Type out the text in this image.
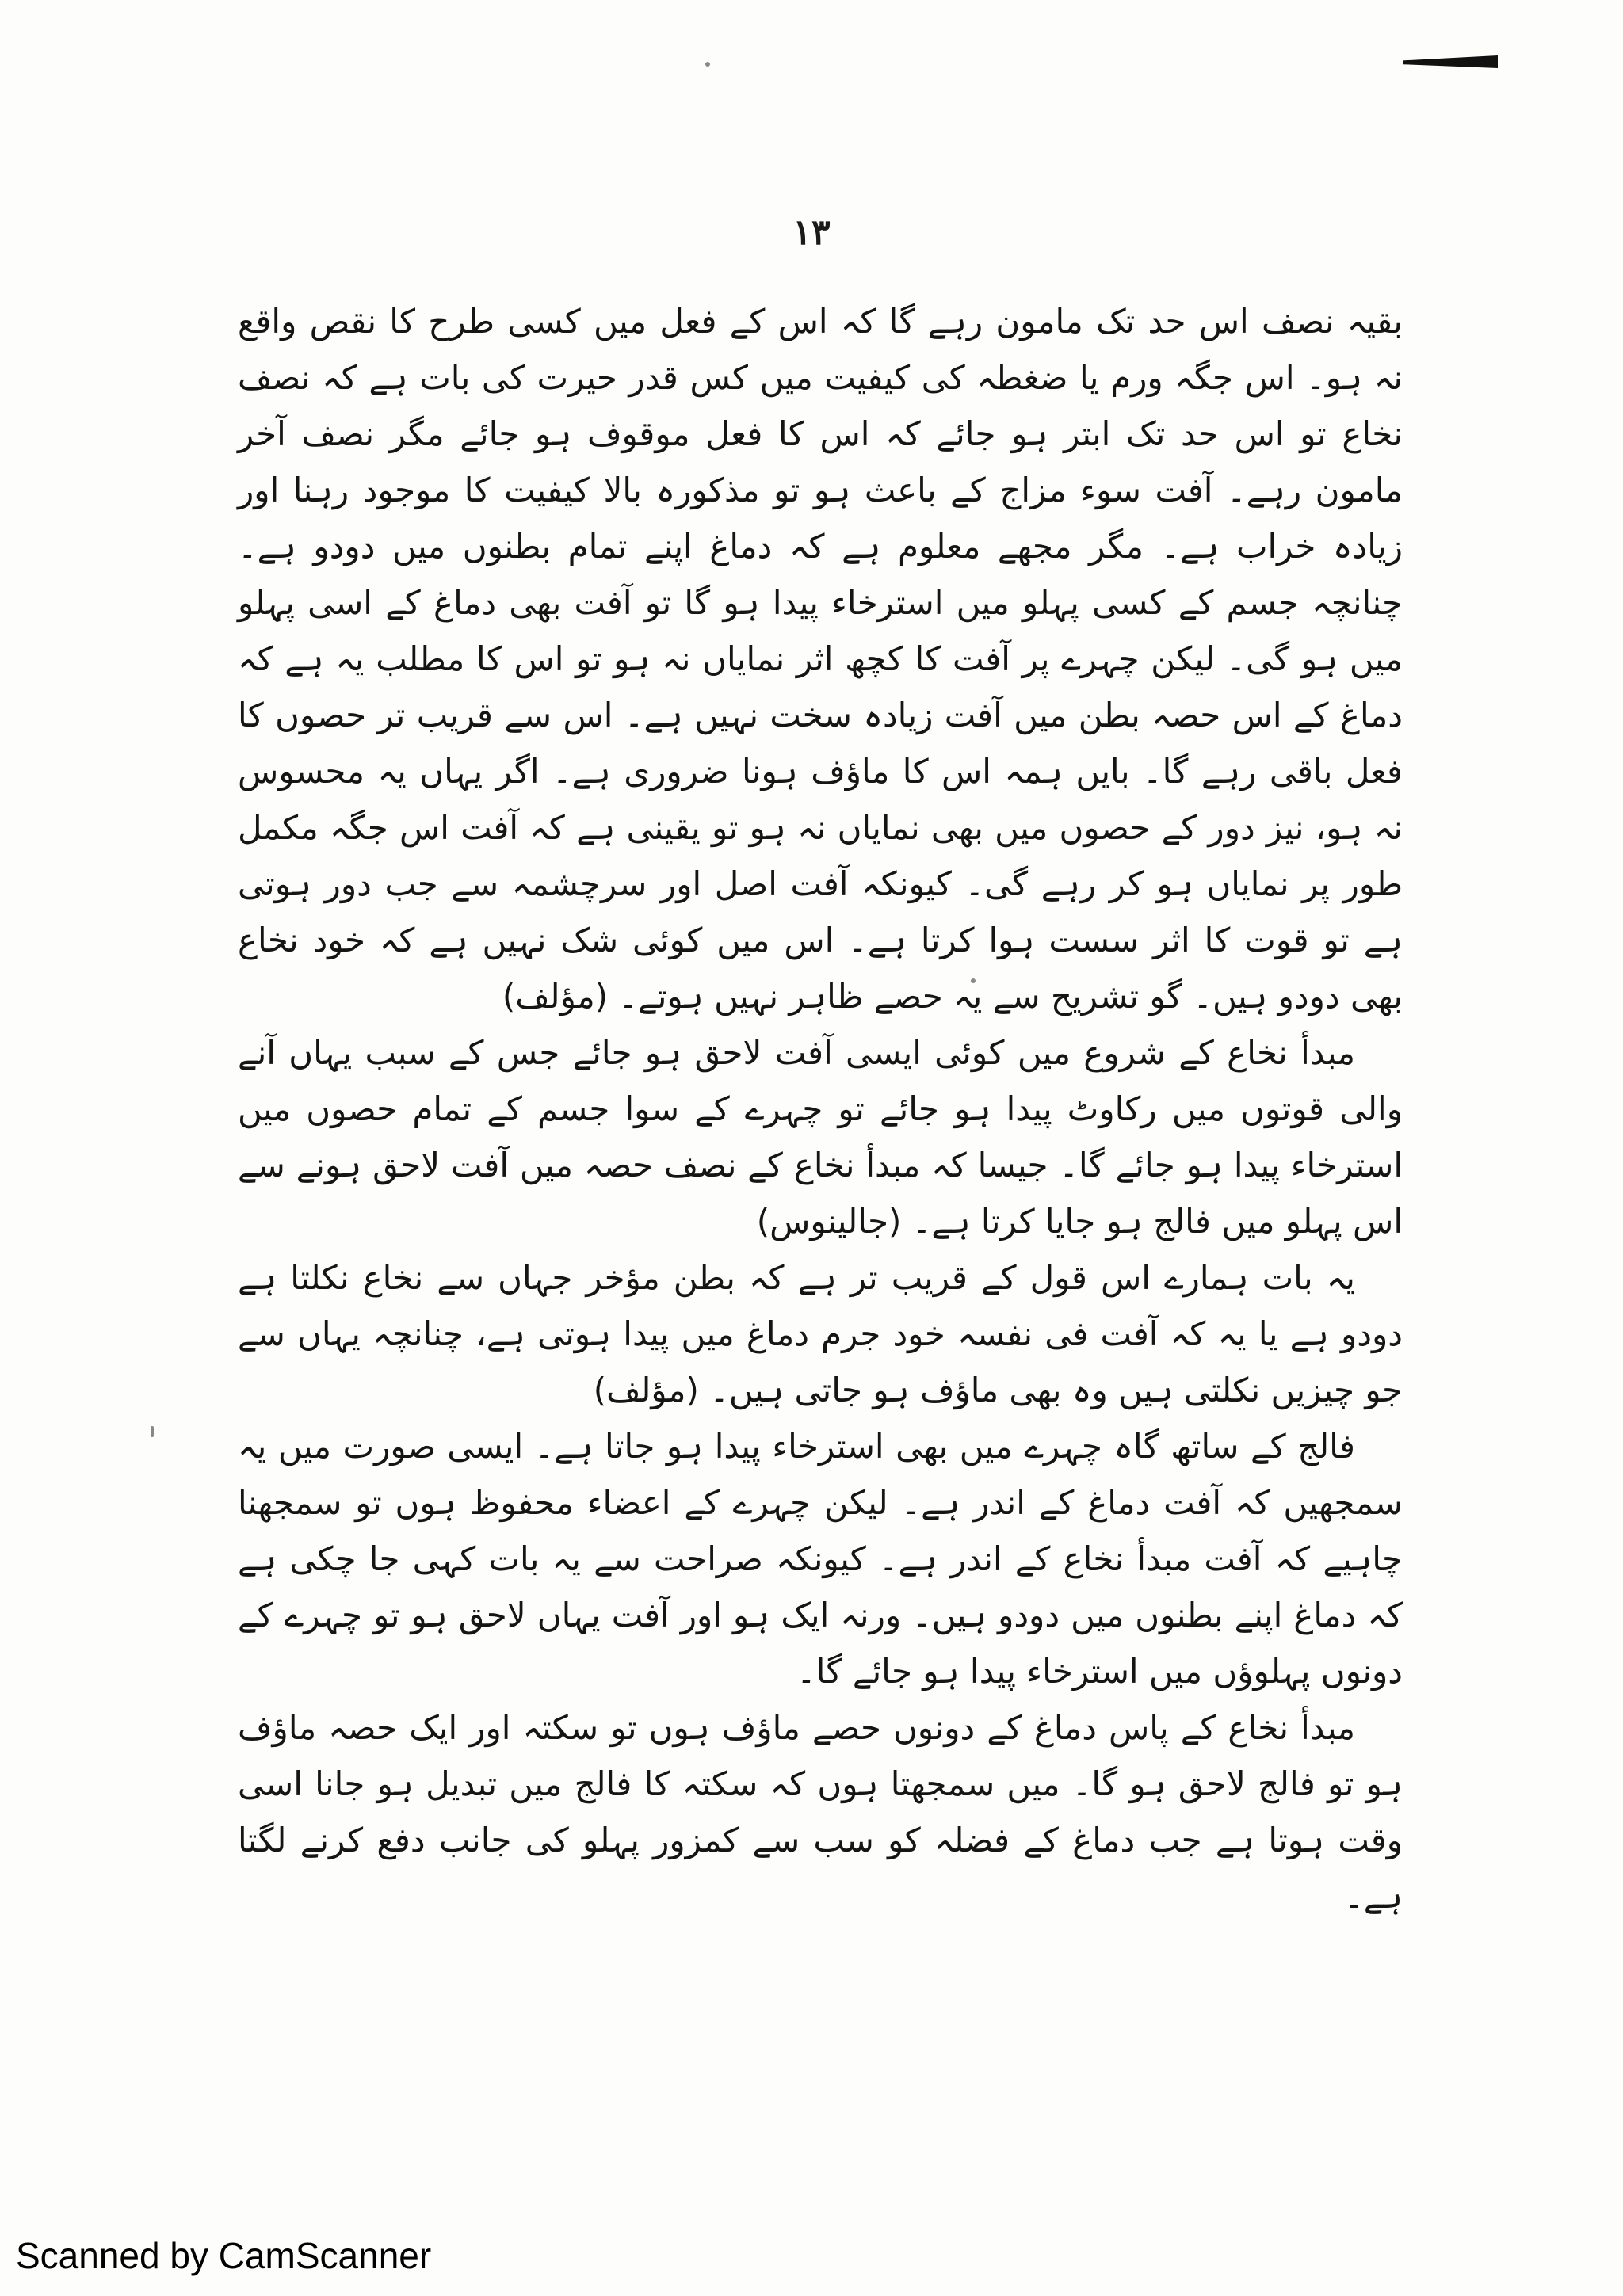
۱۳

بقیہ نصف اس حد تک مامون رہے گا کہ اس کے فعل میں کسی طرح کا نقص واقع نہ ہو۔ اس جگہ ورم یا ضغطہ کی کیفیت میں کس قدر حیرت کی بات ہے کہ نصف نخاع تو اس حد تک ابتر ہو جائے کہ اس کا فعل موقوف ہو جائے مگر نصف آخر مامون رہے۔ آفت سوء مزاج کے باعث ہو تو مذکورہ بالا کیفیت کا موجود رہنا اور زیادہ خراب ہے۔ مگر مجھے معلوم ہے کہ دماغ اپنے تمام بطنوں میں دودو ہے۔ چنانچہ جسم کے کسی پہلو میں استرخاء پیدا ہو گا تو آفت بھی دماغ کے اسی پہلو میں ہو گی۔ لیکن چہرے پر آفت کا کچھ اثر نمایاں نہ ہو تو اس کا مطلب یہ ہے کہ دماغ کے اس حصہ بطن میں آفت زیادہ سخت نہیں ہے۔ اس سے قریب تر حصوں کا فعل باقی رہے گا۔ بایں ہمہ اس کا ماؤف ہونا ضروری ہے۔ اگر یہاں یہ محسوس نہ ہو، نیز دور کے حصوں میں بھی نمایاں نہ ہو تو یقینی ہے کہ آفت اس جگہ مکمل طور پر نمایاں ہو کر رہے گی۔ کیونکہ آفت اصل اور سرچشمہ سے جب دور ہوتی ہے تو قوت کا اثر سست ہوا کرتا ہے۔ اس میں کوئی شک نہیں ہے کہ خود نخاع بھی دودو ہیں۔ گو تشریح سے یہ حصے ظاہر نہیں ہوتے۔ (مؤلف)

مبدأ نخاع کے شروع میں کوئی ایسی آفت لاحق ہو جائے جس کے سبب یہاں آنے والی قوتوں میں رکاوٹ پیدا ہو جائے تو چہرے کے سوا جسم کے تمام حصوں میں استرخاء پیدا ہو جائے گا۔ جیسا کہ مبدأ نخاع کے نصف حصہ میں آفت لاحق ہونے سے اس پہلو میں فالج ہو جایا کرتا ہے۔ (جالینوس)

یہ بات ہمارے اس قول کے قریب تر ہے کہ بطن مؤخر جہاں سے نخاع نکلتا ہے دودو ہے یا یہ کہ آفت فی نفسہ خود جرم دماغ میں پیدا ہوتی ہے، چنانچہ یہاں سے جو چیزیں نکلتی ہیں وہ بھی ماؤف ہو جاتی ہیں۔ (مؤلف)

فالج کے ساتھ گاہ چہرے میں بھی استرخاء پیدا ہو جاتا ہے۔ ایسی صورت میں یہ سمجھیں کہ آفت دماغ کے اندر ہے۔ لیکن چہرے کے اعضاء محفوظ ہوں تو سمجھنا چاہیے کہ آفت مبدأ نخاع کے اندر ہے۔ کیونکہ صراحت سے یہ بات کہی جا چکی ہے کہ دماغ اپنے بطنوں میں دودو ہیں۔ ورنہ ایک ہو اور آفت یہاں لاحق ہو تو چہرے کے دونوں پہلوؤں میں استرخاء پیدا ہو جائے گا۔

مبدأ نخاع کے پاس دماغ کے دونوں حصے ماؤف ہوں تو سکتہ اور ایک حصہ ماؤف ہو تو فالج لاحق ہو گا۔ میں سمجھتا ہوں کہ سکتہ کا فالج میں تبدیل ہو جانا اسی وقت ہوتا ہے جب دماغ کے فضلہ کو سب سے کمزور پہلو کی جانب دفع کرنے لگتا ہے۔

Scanned by CamScanner
